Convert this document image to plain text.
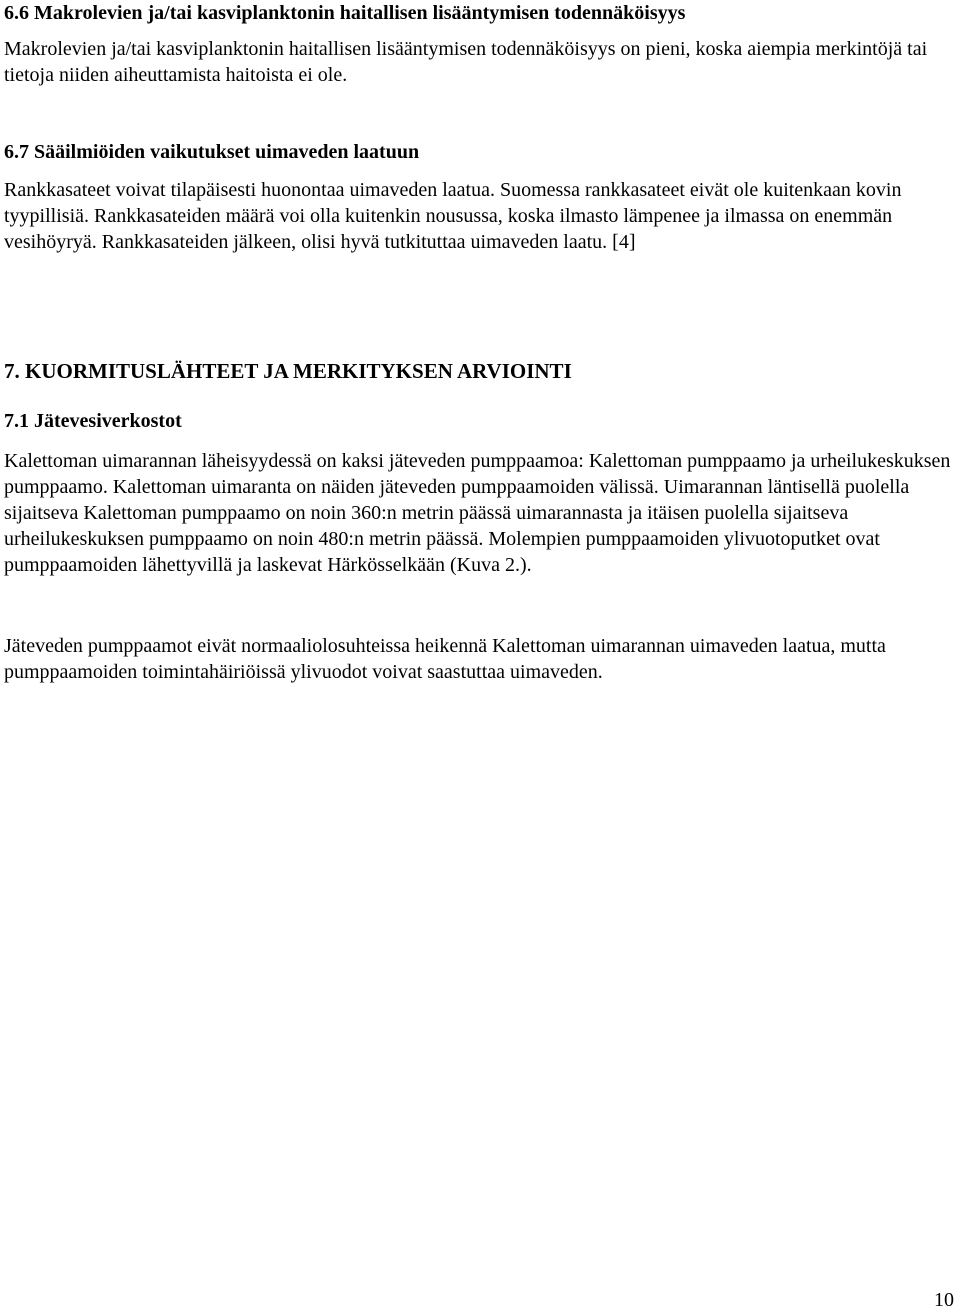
6.6 Makrolevien ja/tai kasviplanktonin haitallisen lisääntymisen todennäköisyys

Makrolevien ja/tai kasviplanktonin haitallisen lisääntymisen todennäköisyys on pieni, koska aiempia merkintöjä tai tietoja niiden aiheuttamista haitoista ei ole.

6.7 Sääilmiöiden vaikutukset uimaveden laatuun

Rankkasateet voivat tilapäisesti huonontaa uimaveden laatua. Suomessa rankkasateet eivät ole kuitenkaan kovin tyypillisiä. Rankkasateiden määrä voi olla kuitenkin nousussa, koska ilmasto lämpenee ja ilmassa on enemmän vesihöyryä. Rankkasateiden jälkeen, olisi hyvä tutkituttaa uimaveden laatu. [4]

7. KUORMITUSLÄHTEET JA MERKITYKSEN ARVIOINTI
7.1 Jätevesiverkostot

Kalettoman uimarannan läheisyydessä on kaksi jäteveden pumppaamoa: Kalettoman pumppaamo ja urheilukeskuksen pumppaamo. Kalettoman uimaranta on näiden jäteveden pumppaamoiden välissä. Uimarannan läntisellä puolella sijaitseva Kalettoman pumppaamo on noin 360:n metrin päässä uimarannasta ja itäisen puolella sijaitseva urheilukeskuksen pumppaamo on noin 480:n metrin päässä. Molempien pumppaamoiden ylivuotoputket ovat pumppaamoiden lähettyvillä ja laskevat Härkösselkään (Kuva 2.).

Jäteveden pumppaamot eivät normaaliolosuhteissa heikennä Kalettoman uimarannan uimaveden laatua, mutta pumppaamoiden toimintahäiriöissä ylivuodot voivat saastuttaa uimaveden.

10
